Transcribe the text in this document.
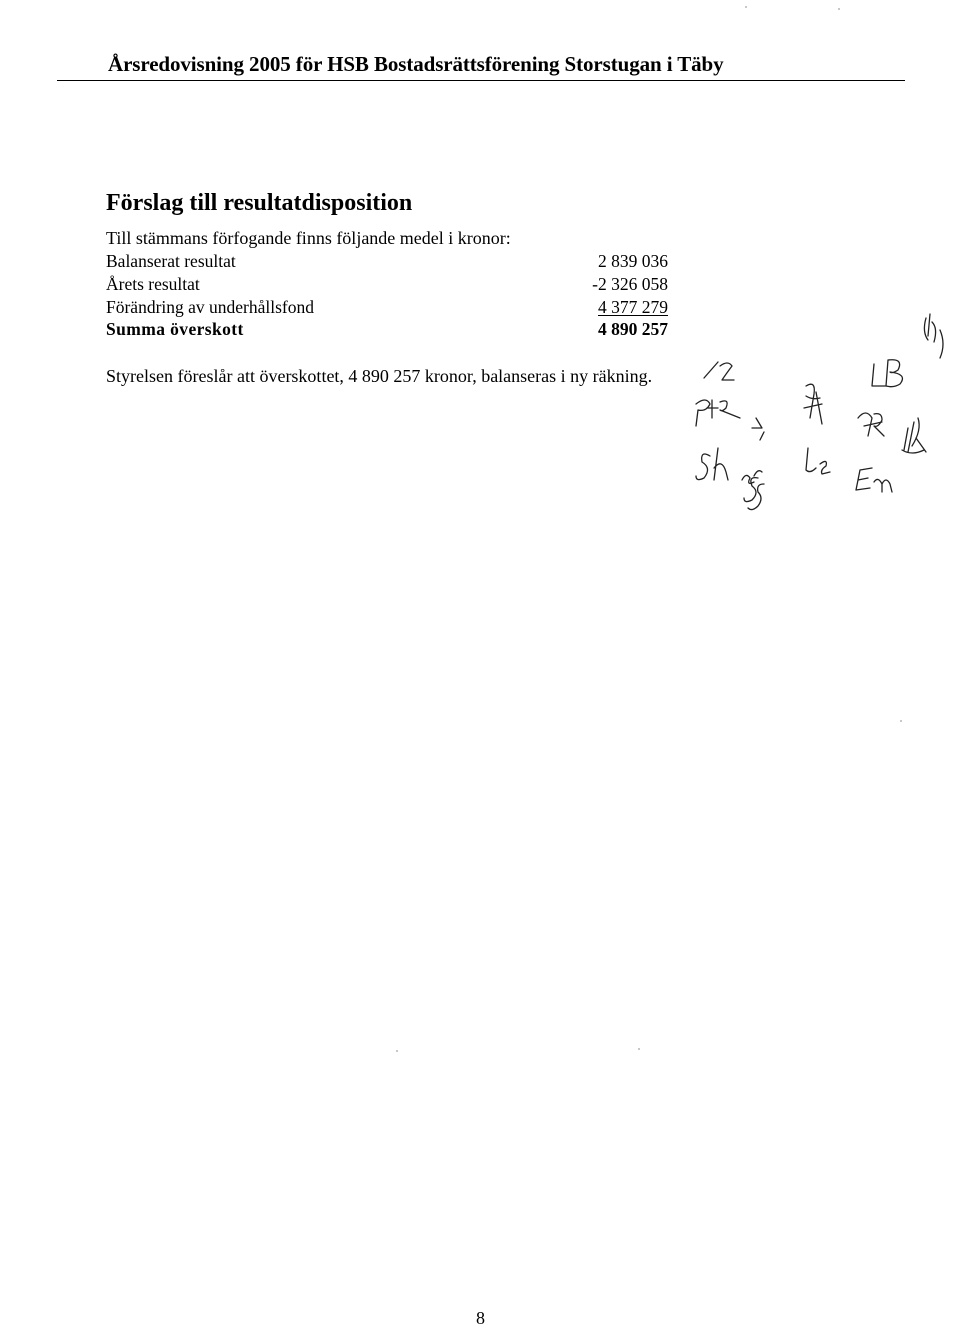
Årsredovisning 2005 för HSB Bostadsrättsförening Storstugan i Täby
Förslag till resultatdisposition
Till stämmans förfogande finns följande medel i kronor:
Balanserat resultat	2 839 036
Årets resultat	-2 326 058
Förändring av underhållsfond	4 377 279
Summa överskott	4 890 257
Styrelsen föreslår att överskottet, 4 890 257 kronor, balanseras i ny räkning.
8
